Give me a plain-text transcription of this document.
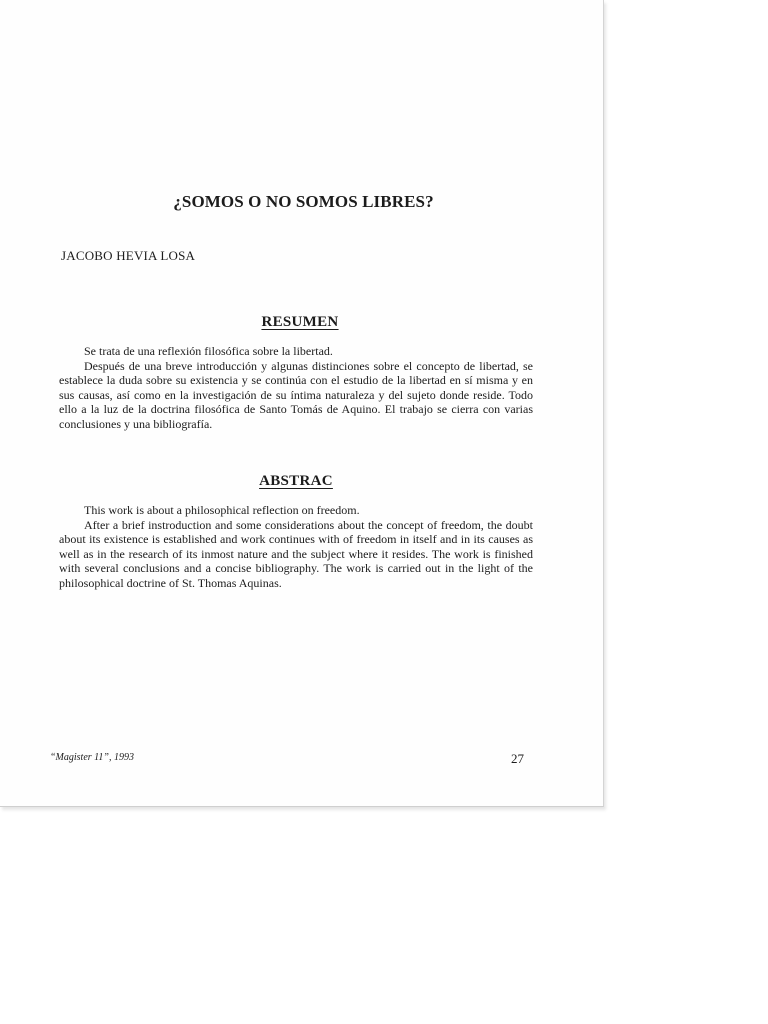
¿SOMOS O NO SOMOS LIBRES?
JACOBO HEVIA LOSA
RESUMEN

Se trata de una reflexión filosófica sobre la libertad.

Después de una breve introducción y algunas distinciones sobre el concepto de libertad, se establece la duda sobre su existencia y se continúa con el estudio de la libertad en sí misma y en sus causas, así como en la investigación de su íntima naturaleza y del sujeto donde reside. Todo ello a la luz de la doctrina filosófica de Santo Tomás de Aquino. El trabajo se cierra con varias conclusiones y una bibliografía.

ABSTRAC

This work is about a philosophical reflection on freedom.

After a brief instroduction and some considerations about the concept of freedom, the doubt about its existence is established and work continues with of freedom in itself and in its causes as well as in the research of its inmost nature and the subject where it resides. The work is finished with several conclusions and a concise bibliography. The work is carried out in the light of the philosophical doctrine of St. Thomas Aquinas.

“Magister 11”, 1993	27
